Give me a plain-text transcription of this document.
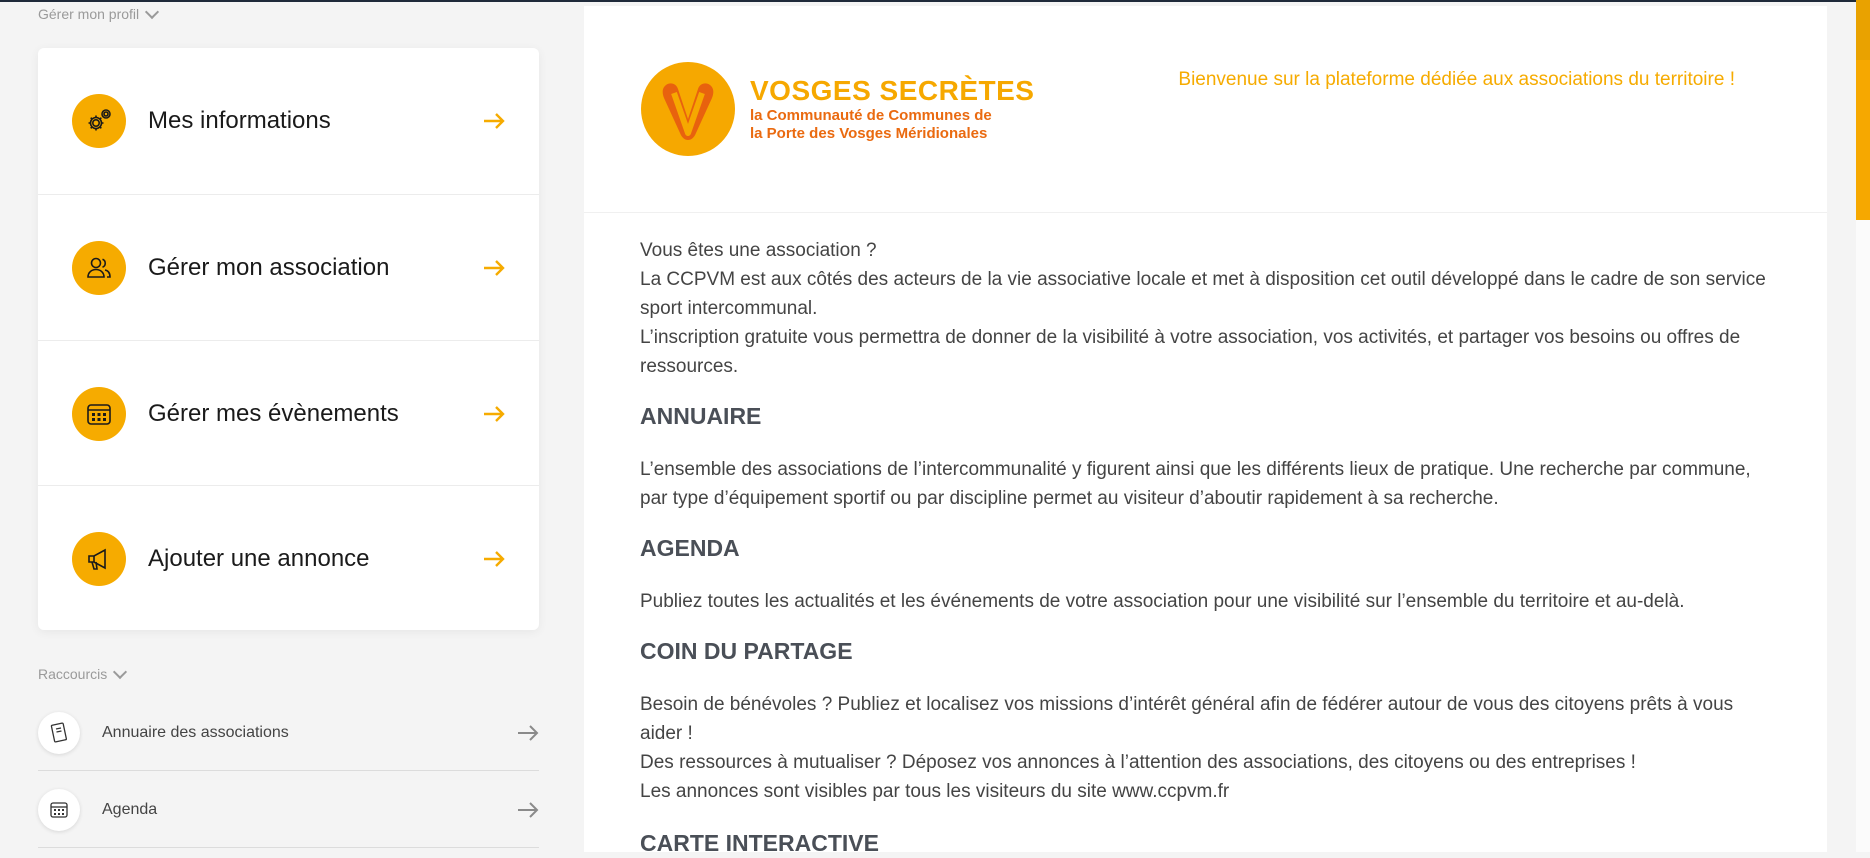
Gérer mon profil
Mes informations
Gérer mon association
Gérer mes évènements
Ajouter une annonce
Raccourcis
Annuaire des associations
Agenda
VOSGES SECRÈTES
la Communauté de Communes de
la Porte des Vosges Méridionales
Bienvenue sur la plateforme dédiée aux associations du territoire !

Vous êtes une association ?

La CCPVM est aux côtés des acteurs de la vie associative locale et met à disposition cet outil développé dans le cadre de son service sport intercommunal.

L’inscription gratuite vous permettra de donner de la visibilité à votre association, vos activités, et partager vos besoins ou offres de ressources.

ANNUAIRE

L’ensemble des associations de l’intercommunalité y figurent ainsi que les différents lieux de pratique. Une recherche par commune, par type d’équipement sportif ou par discipline permet au visiteur d’aboutir rapidement à sa recherche.

AGENDA

Publiez toutes les actualités et les événements de votre association pour une visibilité sur l’ensemble du territoire et au-delà.

COIN DU PARTAGE

Besoin de bénévoles ? Publiez et localisez vos missions d’intérêt général afin de fédérer autour de vous des citoyens prêts à vous aider !

Des ressources à mutualiser ? Déposez vos annonces à l’attention des associations, des citoyens ou des entreprises !

Les annonces sont visibles par tous les visiteurs du site www.ccpvm.fr

CARTE INTERACTIVE
